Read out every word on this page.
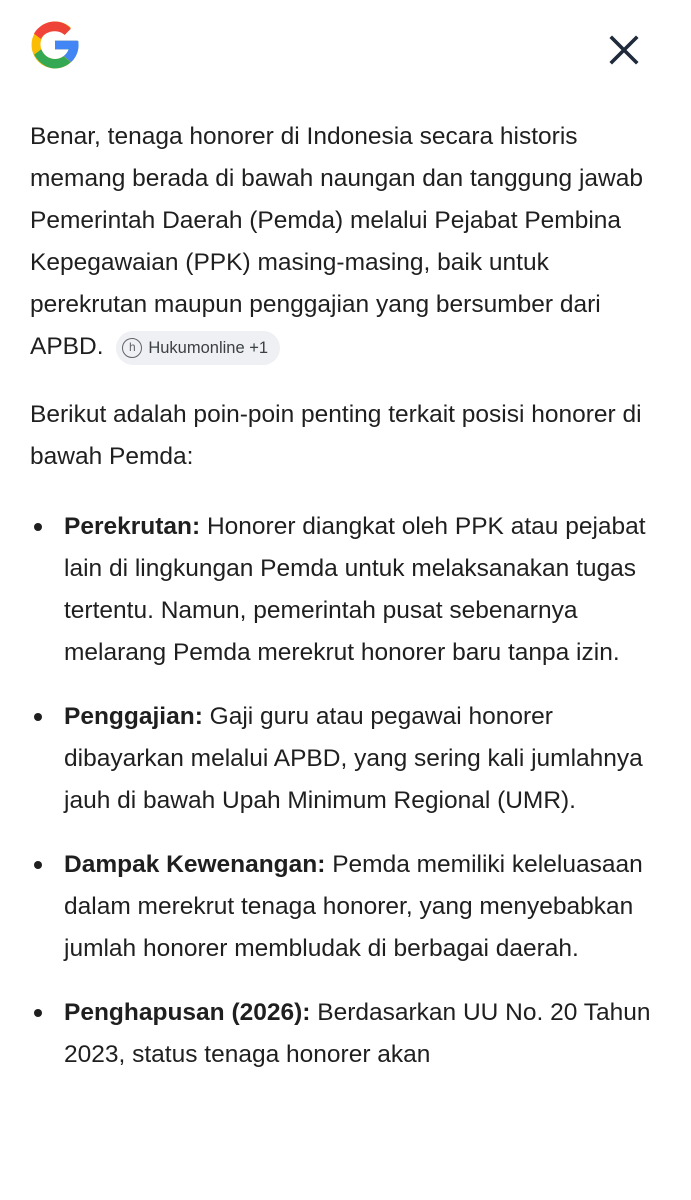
Benar, tenaga honorer di Indonesia secara historis memang berada di bawah naungan dan tanggung jawab Pemerintah Daerah (Pemda) melalui Pejabat Pembina Kepegawaian (PPK) masing-masing, baik untuk perekrutan maupun penggajian yang bersumber dari APBD.	h Hukumonline +1

Berikut adalah poin-poin penting terkait posisi honorer di bawah Pemda:

Perekrutan: Honorer diangkat oleh PPK atau pejabat lain di lingkungan Pemda untuk melaksanakan tugas tertentu. Namun, pemerintah pusat sebenarnya melarang Pemda merekrut honorer baru tanpa izin.
Penggajian: Gaji guru atau pegawai honorer dibayarkan melalui APBD, yang sering kali jumlahnya jauh di bawah Upah Minimum Regional (UMR).
Dampak Kewenangan: Pemda memiliki keleluasaan dalam merekrut tenaga honorer, yang menyebabkan jumlah honorer membludak di berbagai daerah.
Penghapusan (2026): Berdasarkan UU No. 20 Tahun 2023, status tenaga honorer akan
